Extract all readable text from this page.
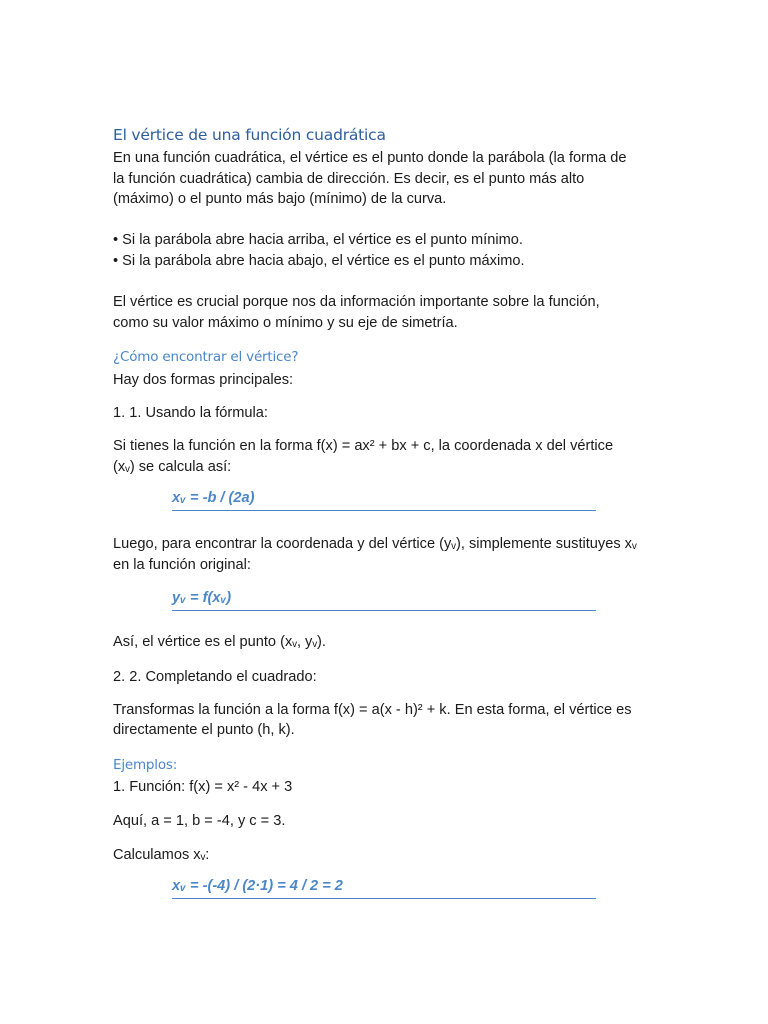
El vértice de una función cuadrática
En una función cuadrática, el vértice es el punto donde la parábola (la forma de
la función cuadrática) cambia de dirección. Es decir, es el punto más alto
(máximo) o el punto más bajo (mínimo) de la curva.
• Si la parábola abre hacia arriba, el vértice es el punto mínimo.
• Si la parábola abre hacia abajo, el vértice es el punto máximo.
El vértice es crucial porque nos da información importante sobre la función,
como su valor máximo o mínimo y su eje de simetría.
¿Cómo encontrar el vértice?
Hay dos formas principales:
1. 1. Usando la fórmula:
Si tienes la función en la forma f(x) = ax² + bx + c, la coordenada x del vértice
(xᵥ) se calcula así:
xᵥ = -b / (2a)
Luego, para encontrar la coordenada y del vértice (yᵥ), simplemente sustituyes xᵥ
en la función original:
yᵥ = f(xᵥ)
Así, el vértice es el punto (xᵥ, yᵥ).
2. 2. Completando el cuadrado:
Transformas la función a la forma f(x) = a(x - h)² + k. En esta forma, el vértice es
directamente el punto (h, k).
Ejemplos:
1. Función: f(x) = x² - 4x + 3
Aquí, a = 1, b = -4, y c = 3.
Calculamos xᵥ:
xᵥ = -(-4) / (2·1) = 4 / 2 = 2
